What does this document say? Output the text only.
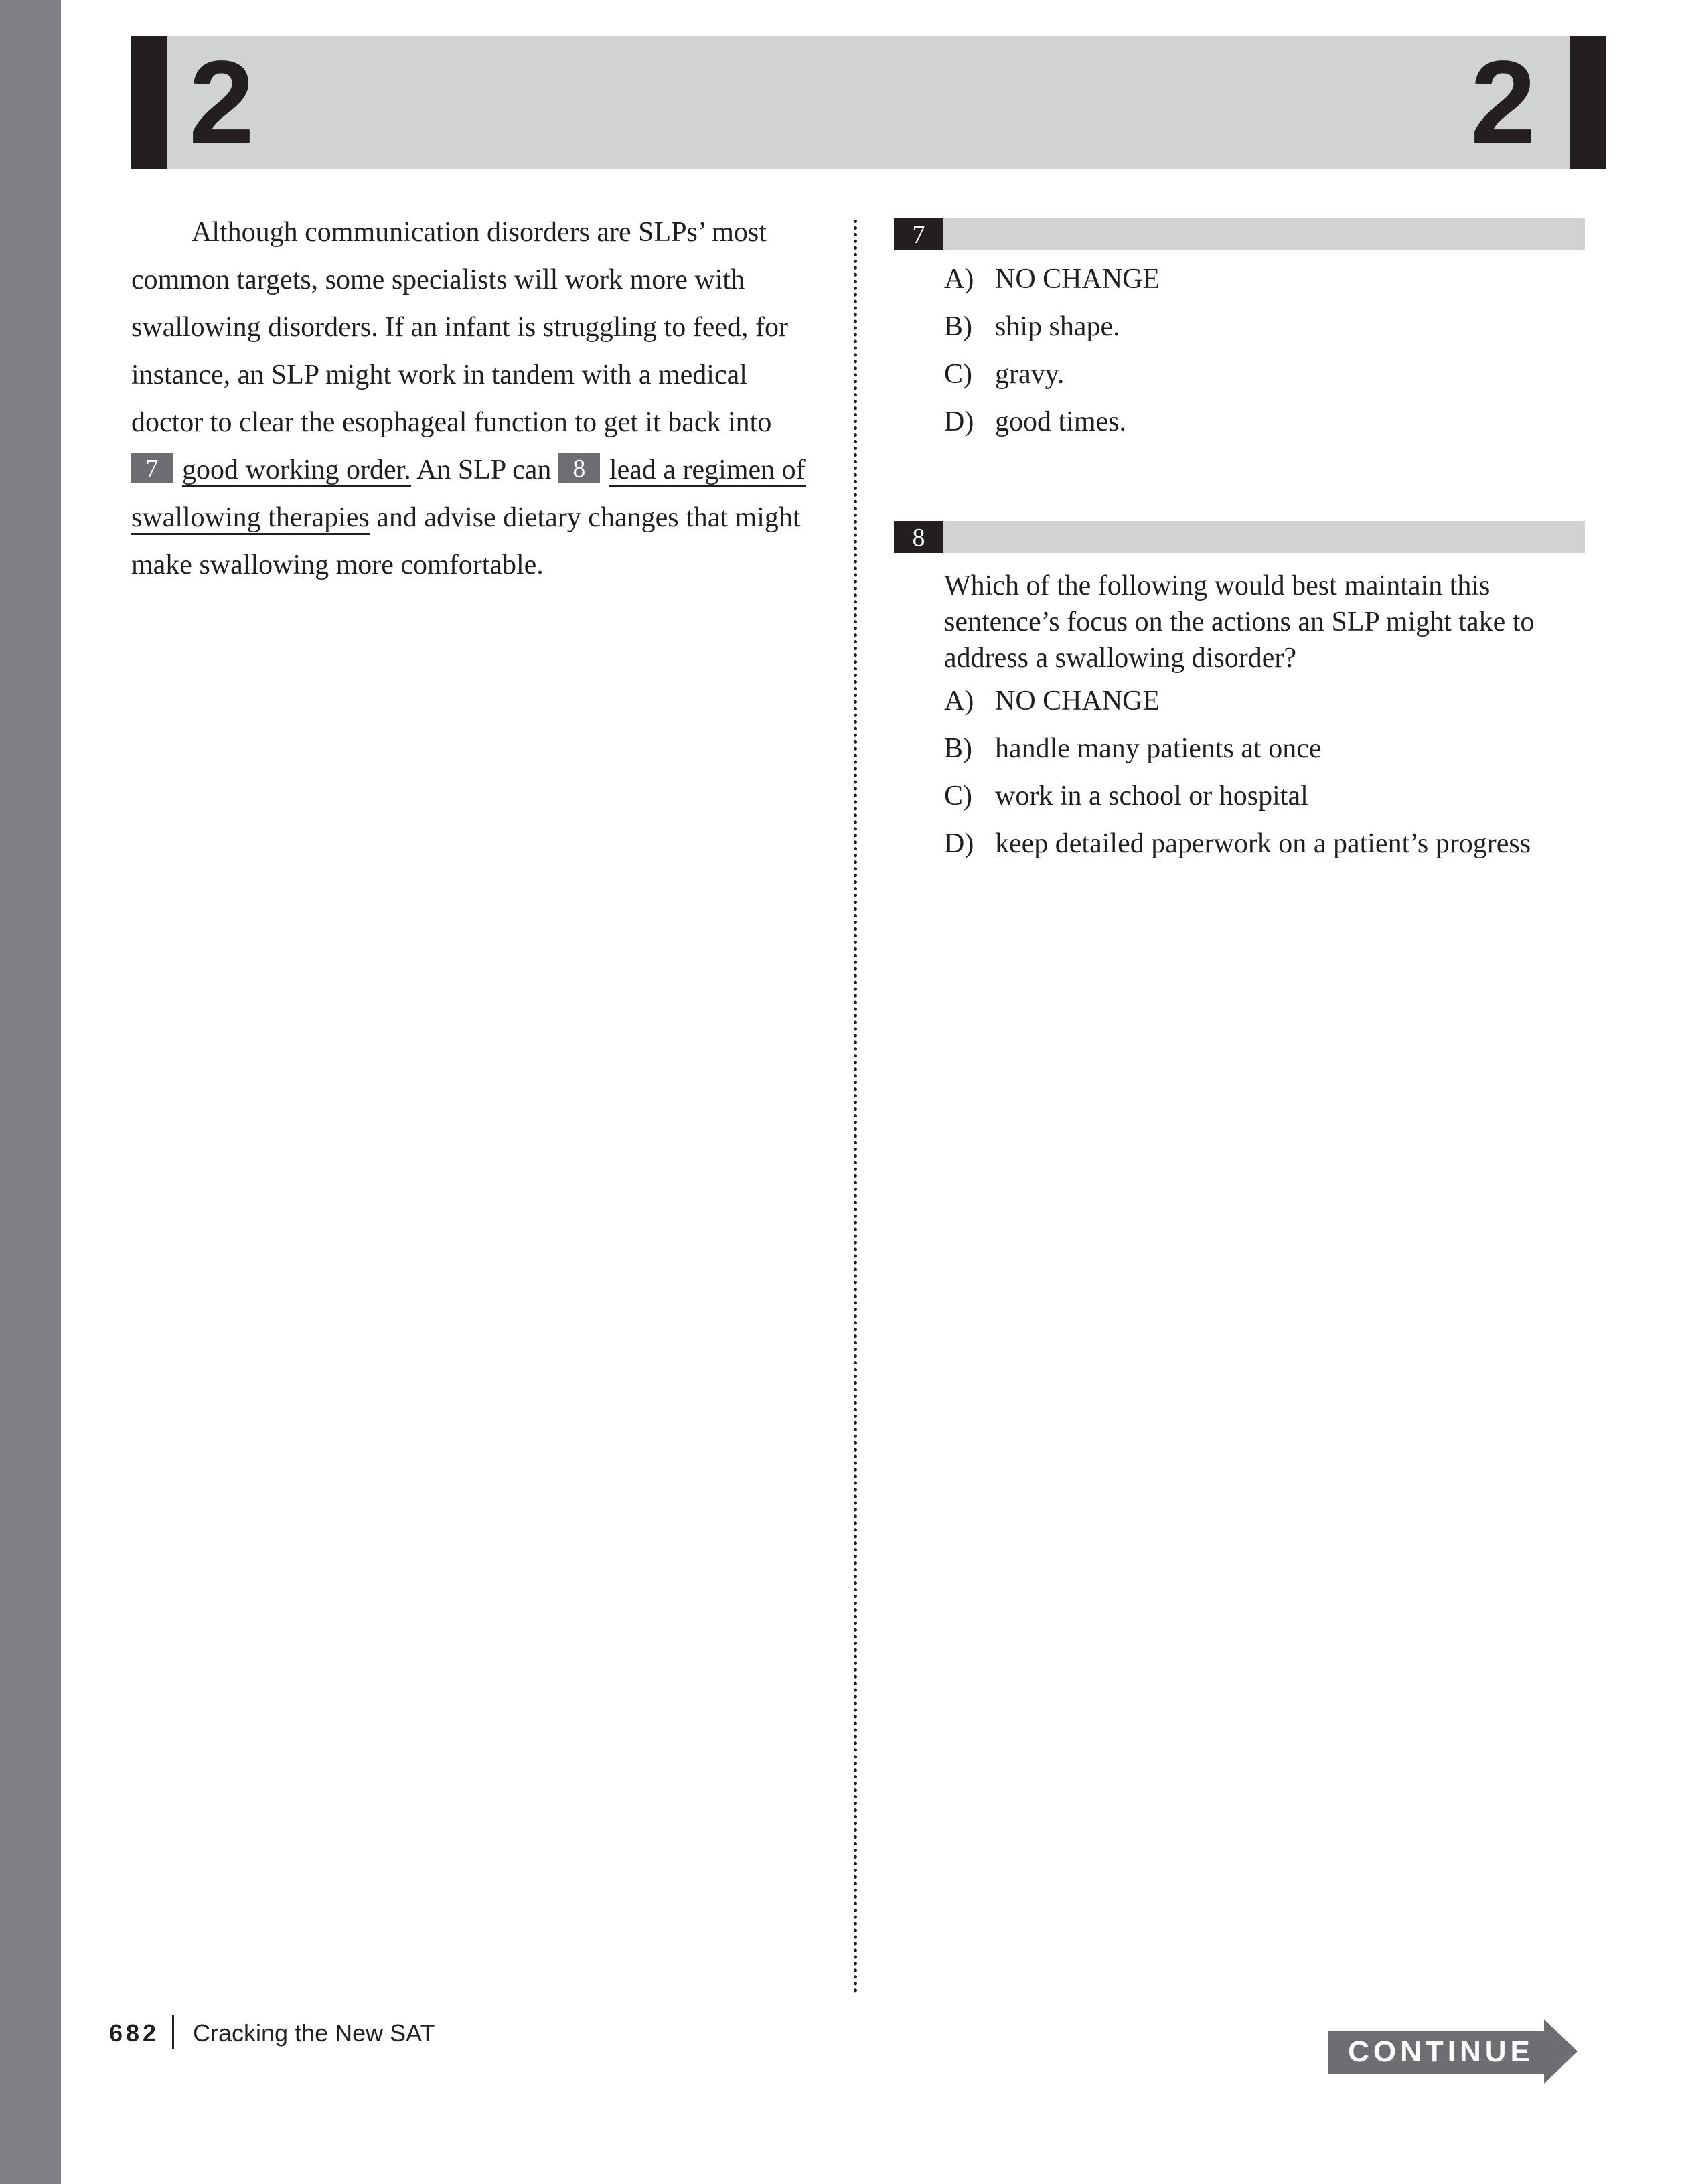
2	2

Although communication disorders are SLPs’ most common targets, some specialists will work more with swallowing disorders. If an infant is struggling to feed, for instance, an SLP might work in tandem with a medical doctor to clear the esophageal function to get it back into 7 good working order. An SLP can 8 lead a regimen of swallowing therapies and advise dietary changes that might make swallowing more comfortable.

7
A) NO CHANGE
B) ship shape.
C) gravy.
D) good times.
8

Which of the following would best maintain this sentence’s focus on the actions an SLP might take to address a swallowing disorder?

A) NO CHANGE
B) handle many patients at once
C) work in a school or hospital
D) keep detailed paperwork on a patient’s progress
682 Cracking the New SAT
CONTINUE
